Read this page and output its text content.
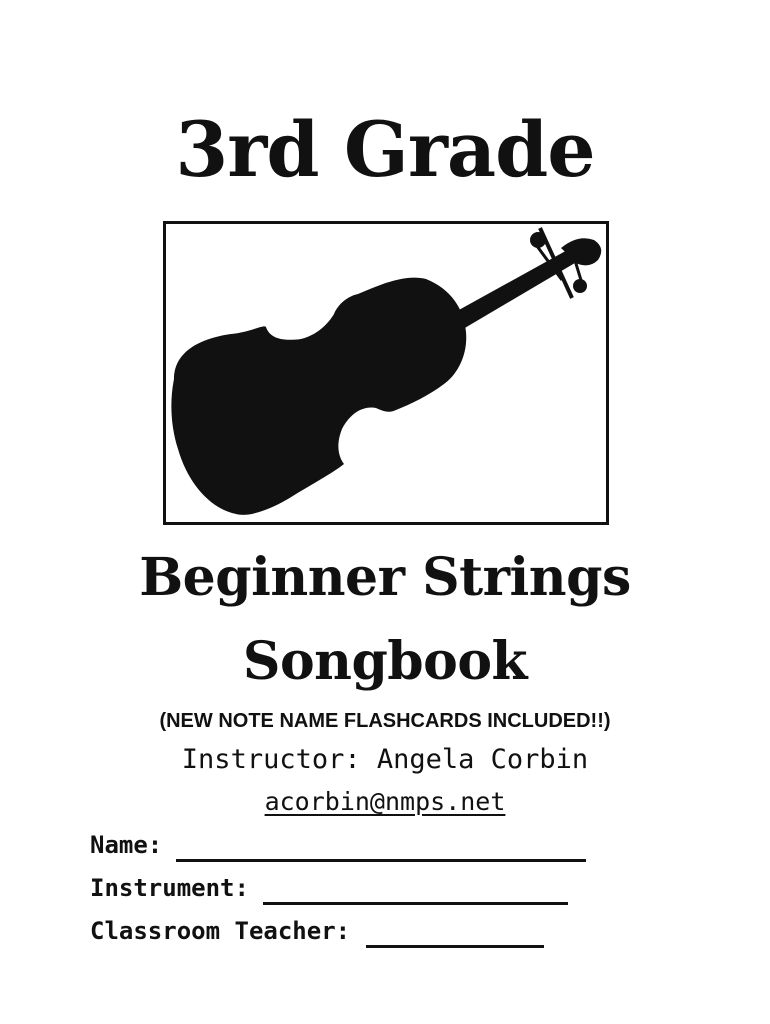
3rd Grade
Beginner Strings
Songbook
(NEW NOTE NAME FLASHCARDS INCLUDED!!)
Instructor: Angela Corbin
acorbin@nmps.net
Name:
Instrument:
Classroom Teacher:
